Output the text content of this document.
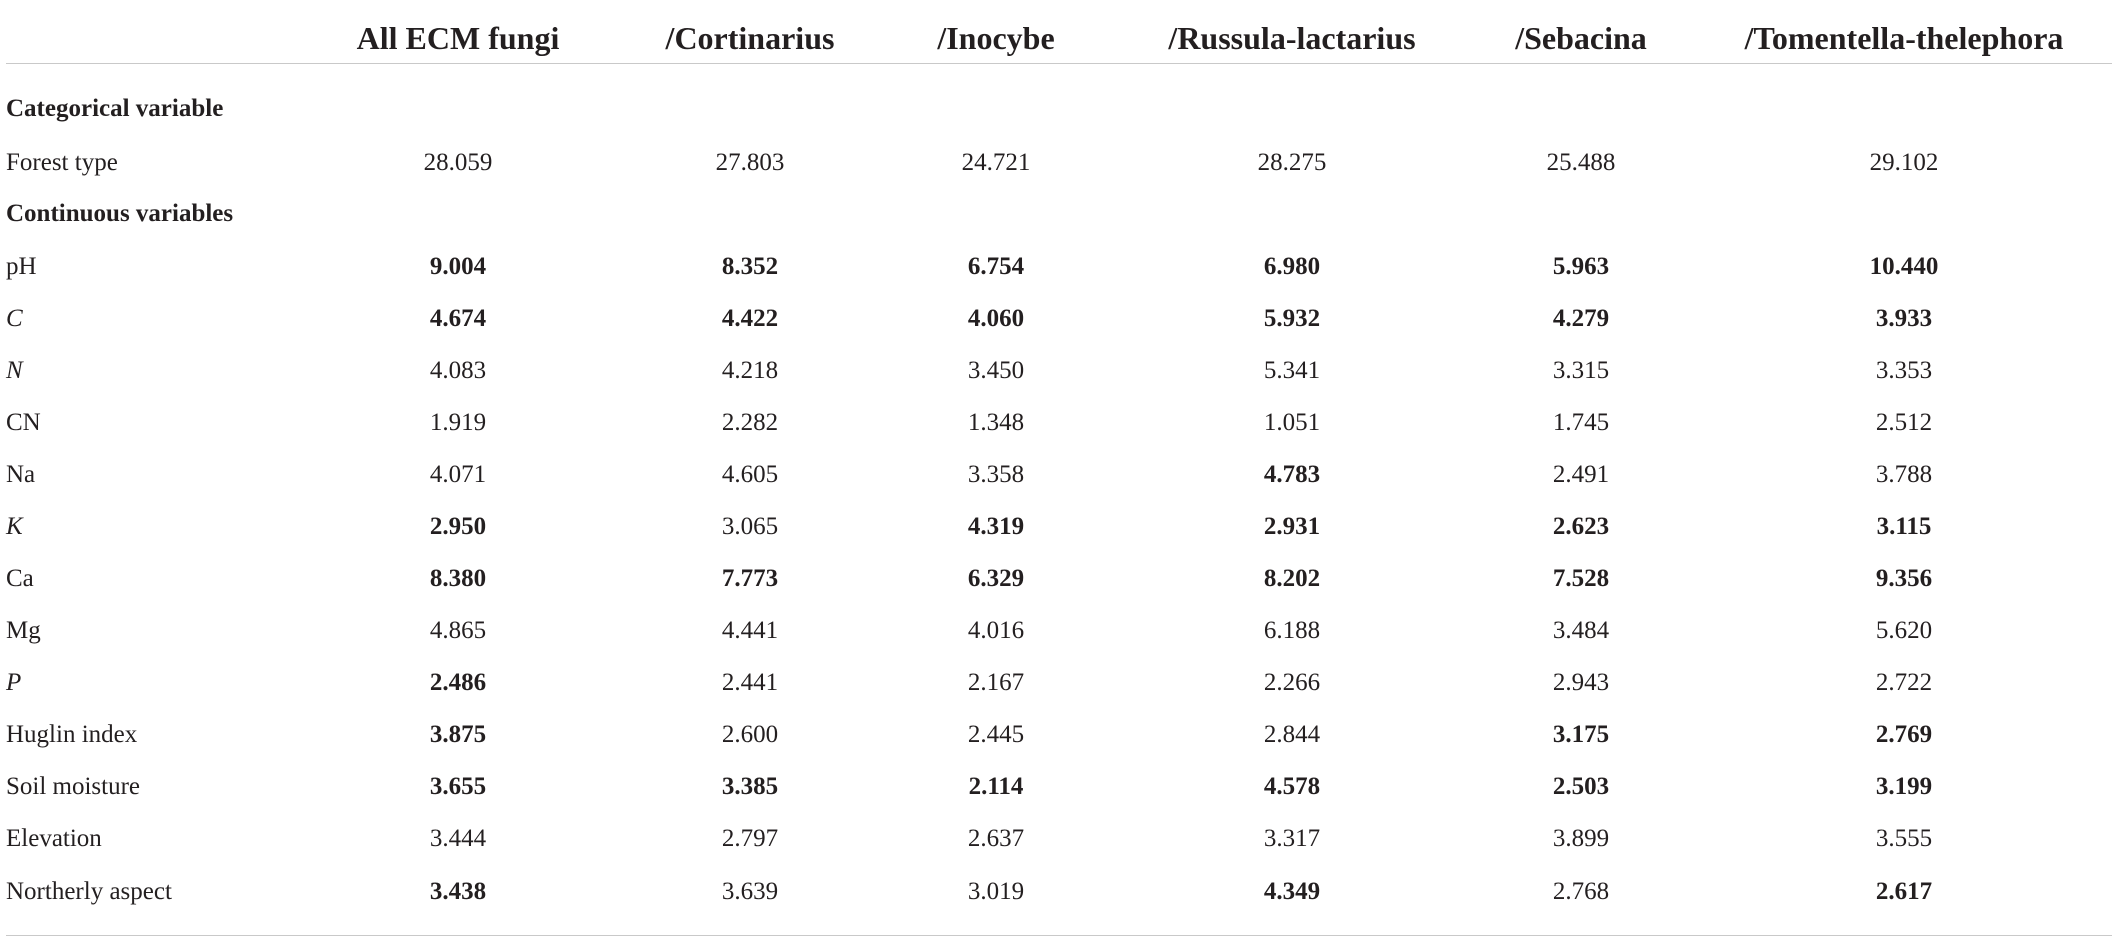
All ECM fungi	/Cortinarius	/Inocybe	/Russula-lactarius	/Sebacina	/Tomentella-thelephora
Categorical variable
Forest type	28.059	27.803	24.721	28.275	25.488	29.102
Continuous variables
pH	9.004	8.352	6.754	6.980	5.963	10.440
C	4.674	4.422	4.060	5.932	4.279	3.933
N	4.083	4.218	3.450	5.341	3.315	3.353
CN	1.919	2.282	1.348	1.051	1.745	2.512
Na	4.071	4.605	3.358	4.783	2.491	3.788
K	2.950	3.065	4.319	2.931	2.623	3.115
Ca	8.380	7.773	6.329	8.202	7.528	9.356
Mg	4.865	4.441	4.016	6.188	3.484	5.620
P	2.486	2.441	2.167	2.266	2.943	2.722
Huglin index	3.875	2.600	2.445	2.844	3.175	2.769
Soil moisture	3.655	3.385	2.114	4.578	2.503	3.199
Elevation	3.444	2.797	2.637	3.317	3.899	3.555
Northerly aspect	3.438	3.639	3.019	4.349	2.768	2.617
